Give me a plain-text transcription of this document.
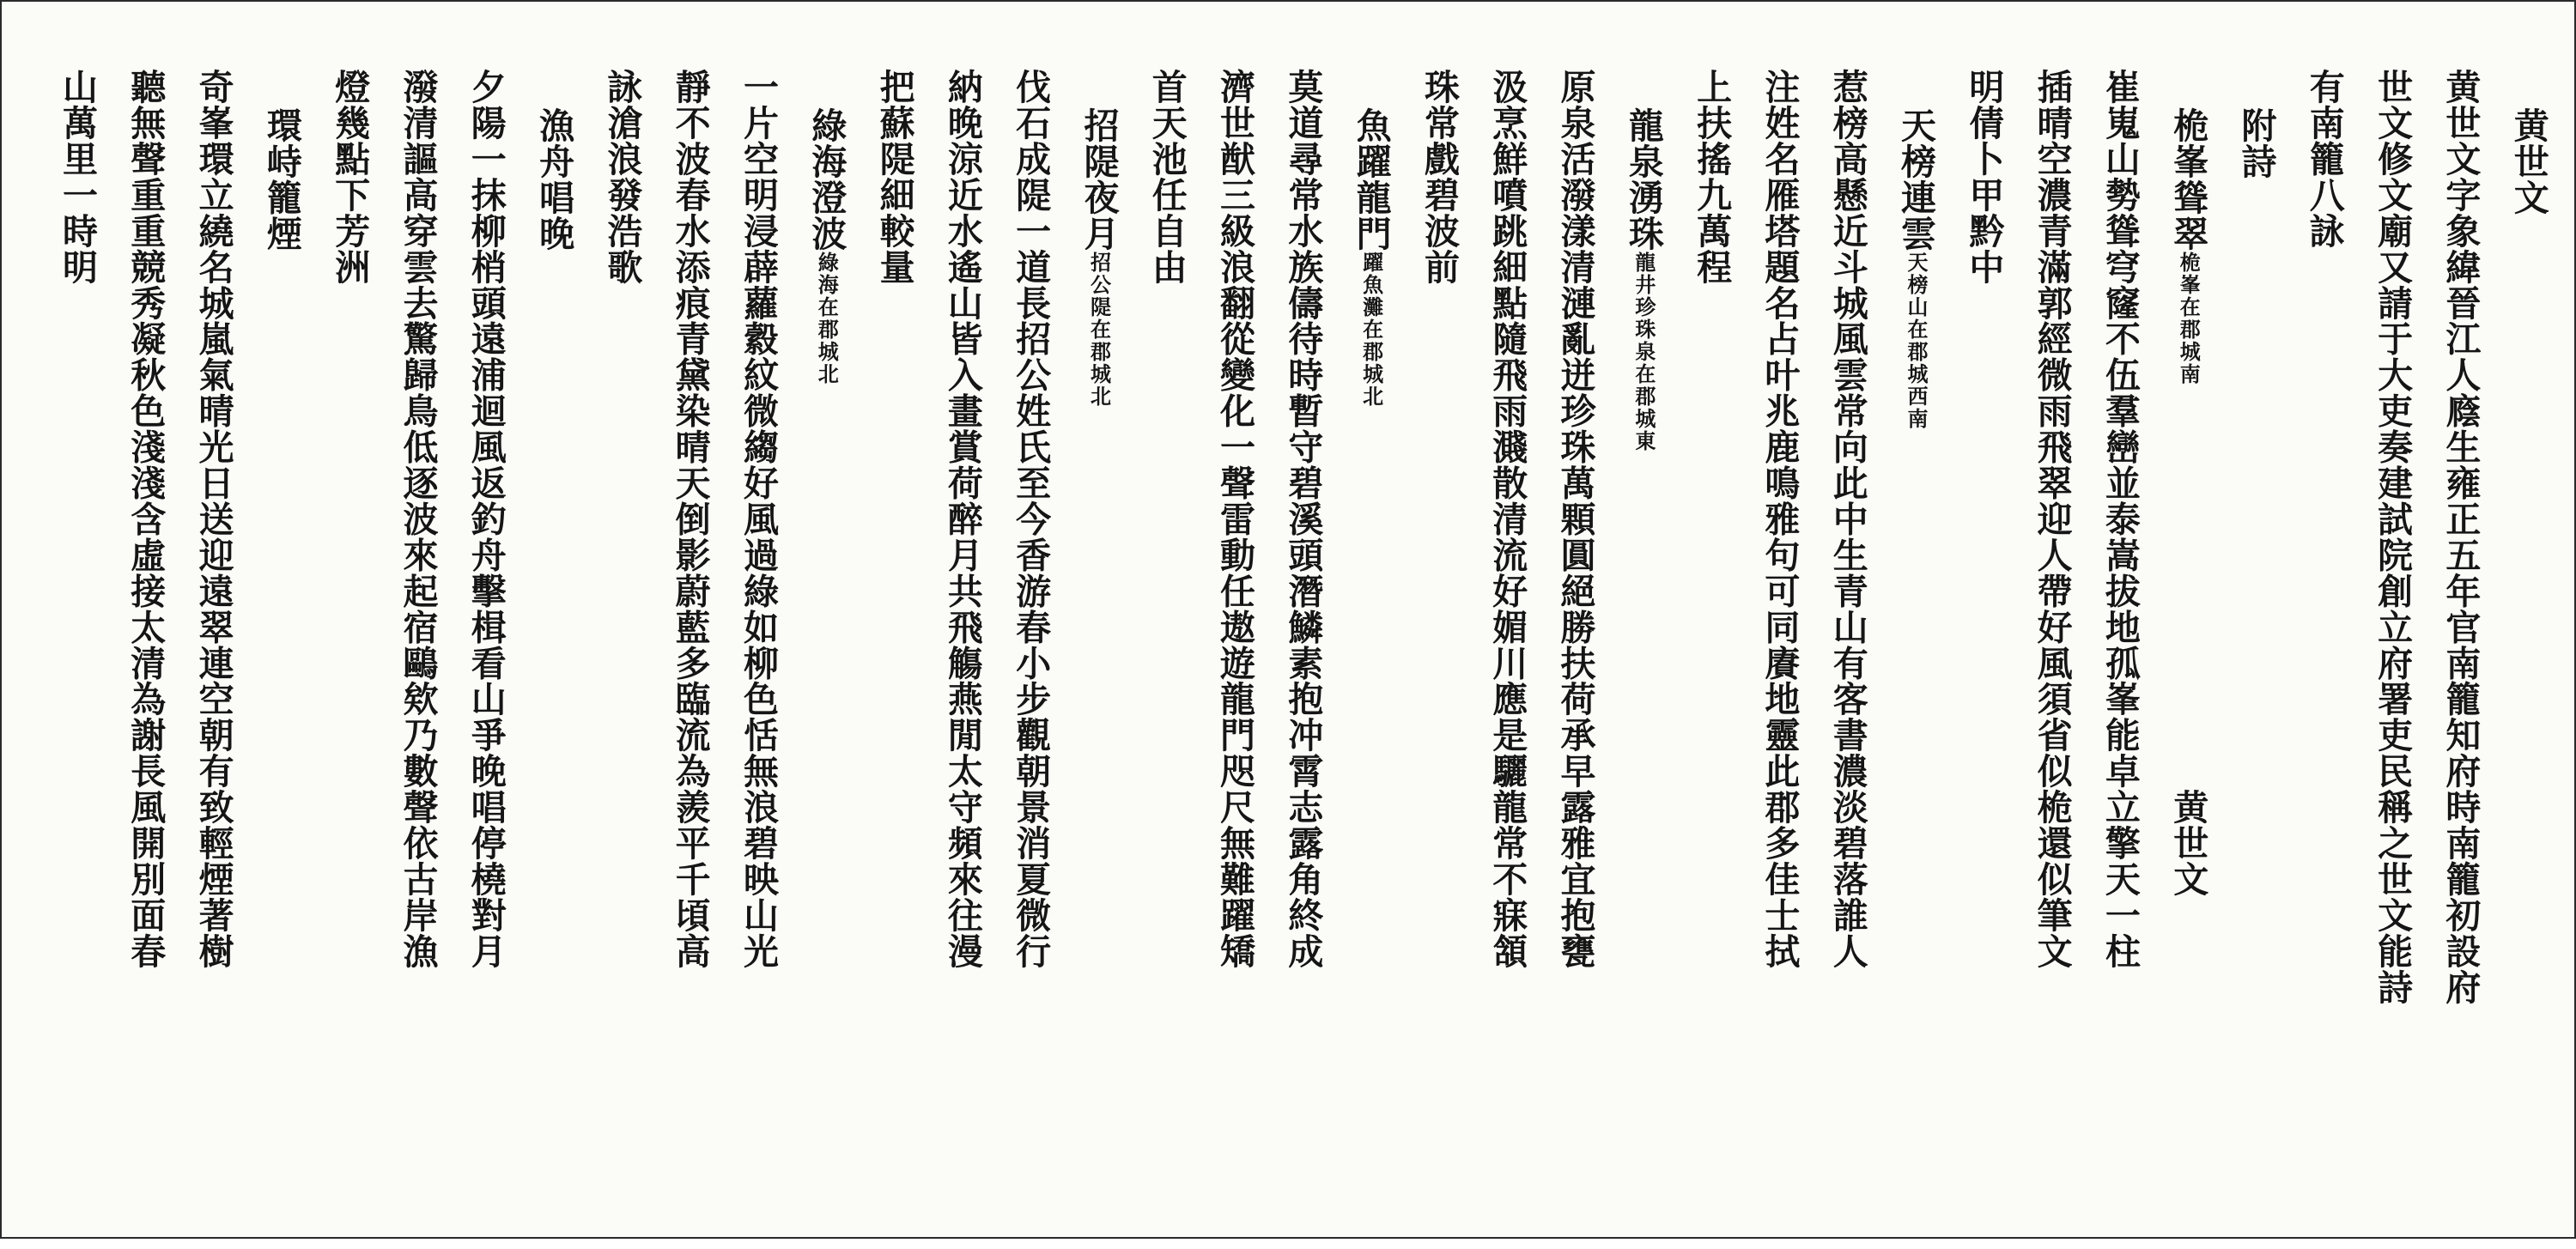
黄世文
黄世文字象緯晉江人廕生雍正五年官南籠知府時南籠初設府
世文修文廟又請于大吏奏建試院創立府署吏民稱之世文能詩
有南籠八詠
附詩
桅峯聳翠桅峯在郡城南黄世文
崔嵬山勢聳穹窿不伍羣巒並泰嵩拔地孤峯能卓立擎天一柱
插晴空濃青滿郭經微雨飛翠迎人帶好風須省似桅還似筆文
明倩卜甲黔中
天榜連雲天榜山在郡城西南
惹榜高懸近斗城風雲常向此中生青山有客書濃淡碧落誰人
注姓名雁塔題名占叶兆鹿鳴雅句可同賡地靈此郡多佳士拭
上扶搖九萬程
龍泉湧珠龍井珍珠泉在郡城東
原泉活潑漾清漣亂迸珍珠萬顆圓絕勝扶荷承早露雅宜抱甕
汲烹鮮噴跳細點隨飛雨濺散清流好媚川應是驪龍常不寐頷
珠常戲碧波前
魚躍龍門躍魚灘在郡城北
莫道尋常水族儔待時暫守碧溪頭潛鱗素抱冲霄志露角終成
濟世猷三級浪翻從變化一聲雷動任遨遊龍門咫尺無難躍矯
首天池任自由
招隄夜月招公隄在郡城北
伐石成隄一道長招公姓氏至今香游春小步觀朝景消夏微行
納晚涼近水遙山皆入畫賞荷醉月共飛觴燕閒太守頻來往漫
把蘇隄細較量
綠海澄波綠海在郡城北
一片空明浸薜蘿縠紋微縐好風過綠如柳色恬無浪碧映山光
靜不波春水添痕青黛染晴天倒影蔚藍多臨流為羨平千頃高
詠滄浪發浩歌
漁舟唱晚
夕陽一抹柳梢頭遠浦迴風返釣舟擊楫看山爭晚唱停橈對月
潑清謳高穿雲去驚歸鳥低逐波來起宿鷗欸乃數聲依古岸漁
燈幾點下芳洲
環峙籠煙
奇峯環立繞名城嵐氣晴光日送迎遠翠連空朝有致輕煙著樹
聽無聲重重競秀凝秋色淺淺含虛接太清為謝長風開別面春
山萬里一時明
